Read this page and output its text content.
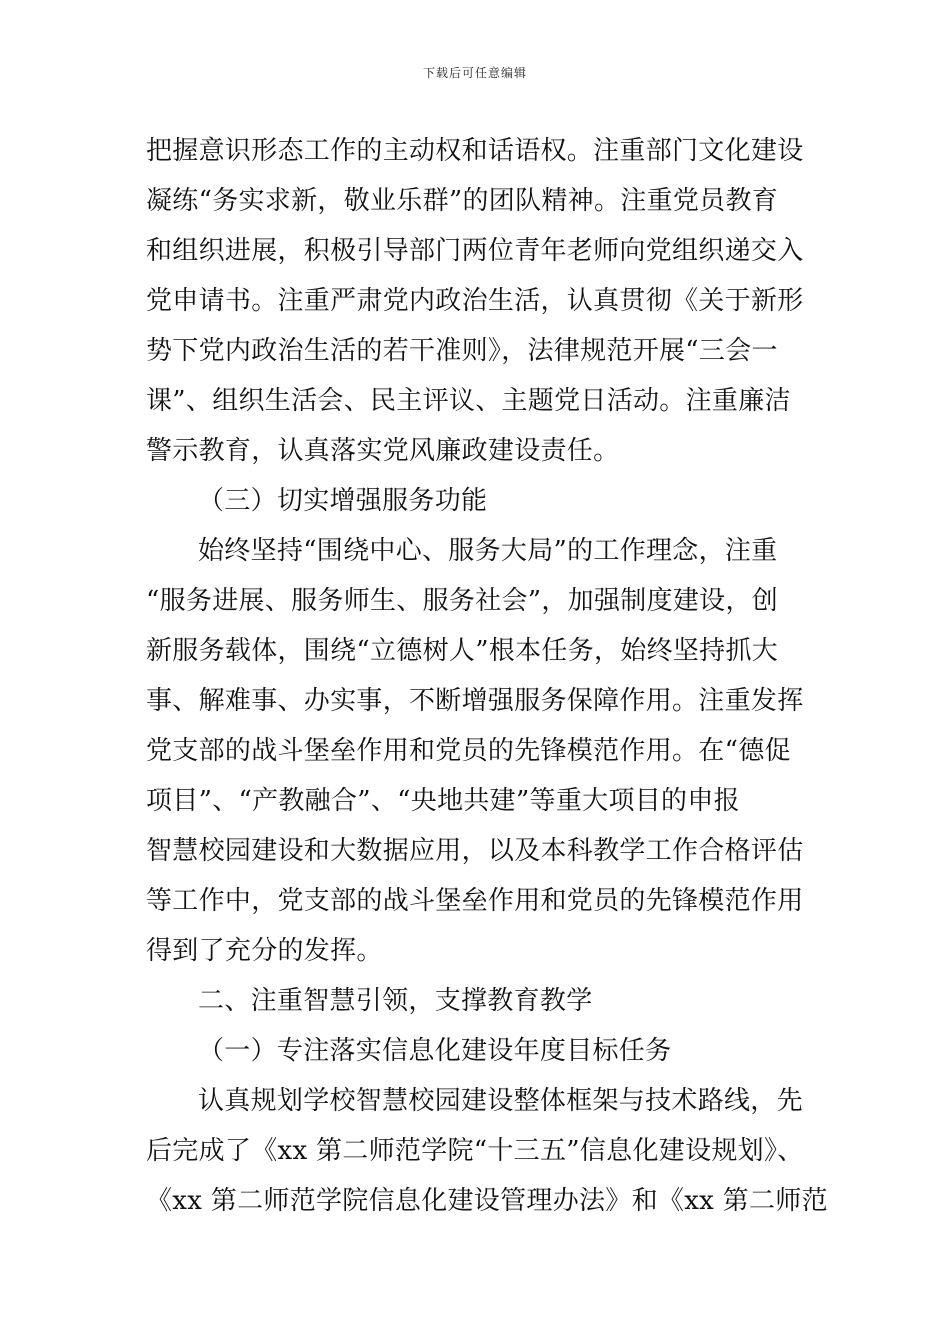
下载后可任意编辑
把握意识形态工作的主动权和话语权。注重部门文化建设
凝练“务实求新，敬业乐群”的团队精神。注重党员教育
和组织进展，积极引导部门两位青年老师向党组织递交入
党申请书。注重严肃党内政治生活，认真贯彻《关于新形
势下党内政治生活的若干准则》，法律规范开展“三会一
课”、组织生活会、民主评议、主题党日活动。注重廉洁
警示教育，认真落实党风廉政建设责任。
（三）切实增强服务功能
始终坚持“围绕中心、服务大局”的工作理念，注重
“服务进展、服务师生、服务社会”，加强制度建设，创
新服务载体，围绕“立德树人”根本任务，始终坚持抓大
事、解难事、办实事，不断增强服务保障作用。注重发挥
党支部的战斗堡垒作用和党员的先锋模范作用。在“德促
项目”、“产教融合”、“央地共建”等重大项目的申报
智慧校园建设和大数据应用，以及本科教学工作合格评估
等工作中，党支部的战斗堡垒作用和党员的先锋模范作用
得到了充分的发挥。
二、注重智慧引领，支撑教育教学
（一）专注落实信息化建设年度目标任务
认真规划学校智慧校园建设整体框架与技术路线，先
后完成了《xx 第二师范学院“十三五”信息化建设规划》、
《xx 第二师范学院信息化建设管理办法》和《xx 第二师范
